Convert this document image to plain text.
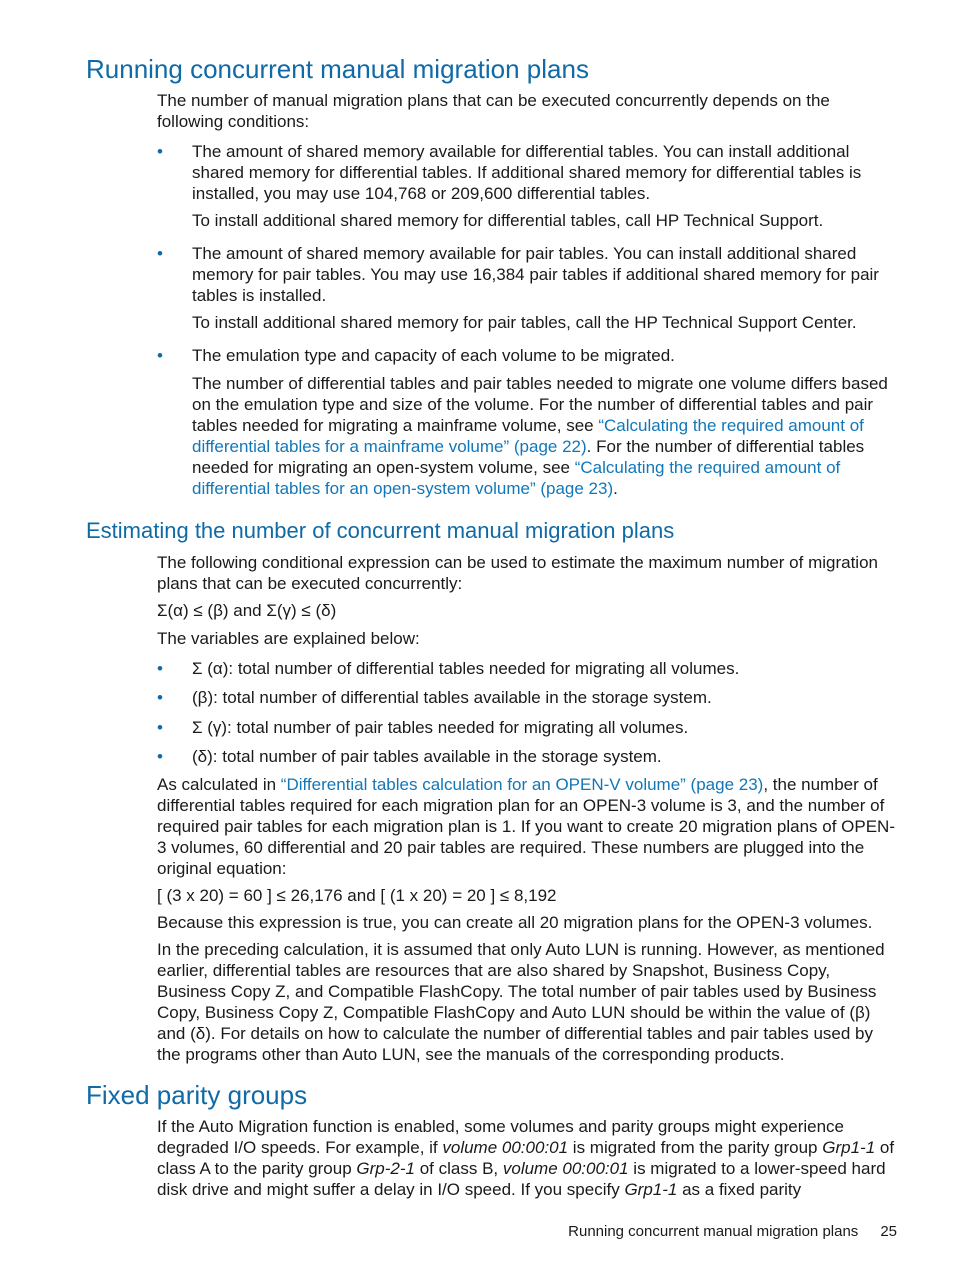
Running concurrent manual migration plans

The number of manual migration plans that can be executed concurrently depends on the following conditions:

• The amount of shared memory available for differential tables. You can install additional shared memory for differential tables. If additional shared memory for differential tables is installed, you may use 104,768 or 209,600 differential tables.

To install additional shared memory for differential tables, call HP Technical Support.

• The amount of shared memory available for pair tables. You can install additional shared memory for pair tables. You may use 16,384 pair tables if additional shared memory for pair tables is installed.

To install additional shared memory for pair tables, call the HP Technical Support Center.

• The emulation type and capacity of each volume to be migrated.

The number of differential tables and pair tables needed to migrate one volume differs based on the emulation type and size of the volume. For the number of differential tables and pair tables needed for migrating a mainframe volume, see “Calculating the required amount of differential tables for a mainframe volume” (page 22). For the number of differential tables needed for migrating an open-system volume, see “Calculating the required amount of differential tables for an open-system volume” (page 23).

Estimating the number of concurrent manual migration plans

The following conditional expression can be used to estimate the maximum number of migration plans that can be executed concurrently:

Σ(α) ≤ (β) and Σ(γ) ≤ (δ)

The variables are explained below:

• Σ (α): total number of differential tables needed for migrating all volumes.

• (β): total number of differential tables available in the storage system.

• Σ (γ): total number of pair tables needed for migrating all volumes.

• (δ): total number of pair tables available in the storage system.

As calculated in “Differential tables calculation for an OPEN-V volume” (page 23), the number of differential tables required for each migration plan for an OPEN-3 volume is 3, and the number of required pair tables for each migration plan is 1. If you want to create 20 migration plans of OPEN-3 volumes, 60 differential and 20 pair tables are required. These numbers are plugged into the original equation:

[ (3 x 20) = 60 ] ≤ 26,176 and [ (1 x 20) = 20 ] ≤ 8,192

Because this expression is true, you can create all 20 migration plans for the OPEN-3 volumes.

In the preceding calculation, it is assumed that only Auto LUN is running. However, as mentioned earlier, differential tables are resources that are also shared by Snapshot, Business Copy, Business Copy Z, and Compatible FlashCopy. The total number of pair tables used by Business Copy, Business Copy Z, Compatible FlashCopy and Auto LUN should be within the value of (β) and (δ). For details on how to calculate the number of differential tables and pair tables used by the programs other than Auto LUN, see the manuals of the corresponding products.

Fixed parity groups

If the Auto Migration function is enabled, some volumes and parity groups might experience degraded I/O speeds. For example, if volume 00:00:01 is migrated from the parity group Grp1-1 of class A to the parity group Grp-2-1 of class B, volume 00:00:01 is migrated to a lower-speed hard disk drive and might suffer a delay in I/O speed. If you specify Grp1-1 as a fixed parity

Running concurrent manual migration plans 25
